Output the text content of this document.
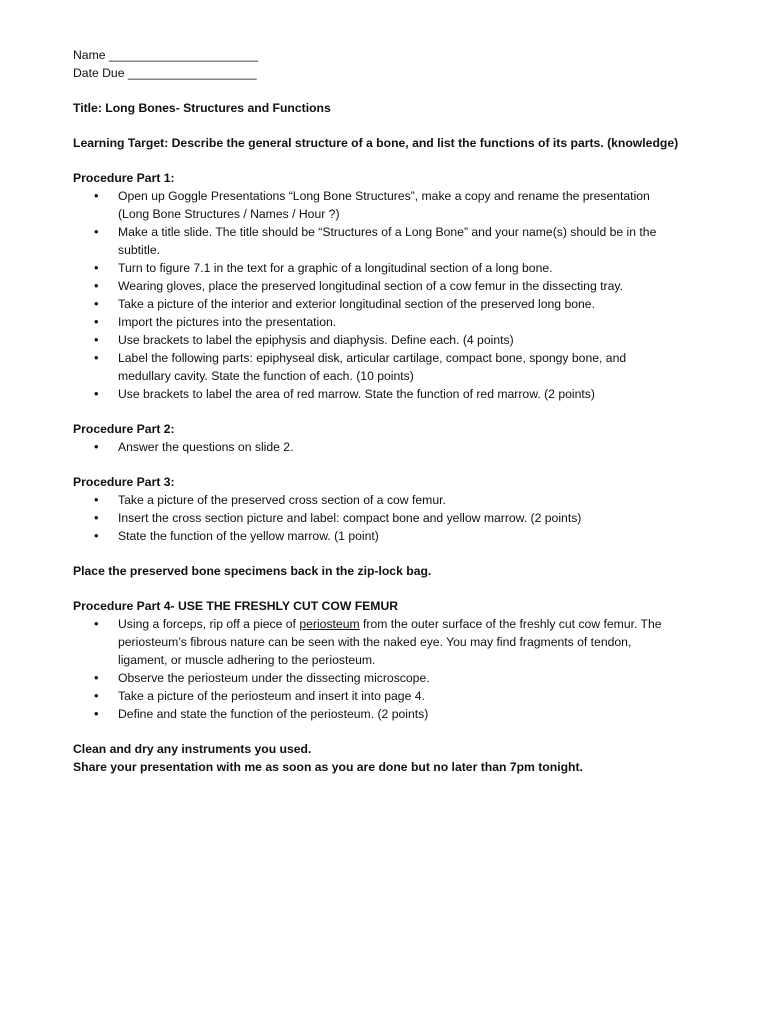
Name ______________________

Date Due ___________________

Title: Long Bones- Structures and Functions

Learning Target: Describe the general structure of a bone, and list the functions of its parts. (knowledge)

Procedure Part 1:

• Open up Goggle Presentations “Long Bone Structures”, make a copy and rename the presentation
(Long Bone Structures / Names / Hour ?)
• Make a title slide. The title should be “Structures of a Long Bone” and your name(s) should be in the
subtitle.
• Turn to figure 7.1 in the text for a graphic of a longitudinal section of a long bone.
• Wearing gloves, place the preserved longitudinal section of a cow femur in the dissecting tray.
• Take a picture of the interior and exterior longitudinal section of the preserved long bone.
• Import the pictures into the presentation.
• Use brackets to label the epiphysis and diaphysis. Define each. (4 points)
• Label the following parts: epiphyseal disk, articular cartilage, compact bone, spongy bone, and
medullary cavity. State the function of each. (10 points)
• Use brackets to label the area of red marrow. State the function of red marrow. (2 points)

Procedure Part 2:

• Answer the questions on slide 2.

Procedure Part 3:

• Take a picture of the preserved cross section of a cow femur.
• Insert the cross section picture and label: compact bone and yellow marrow. (2 points)
• State the function of the yellow marrow. (1 point)

Place the preserved bone specimens back in the zip-lock bag.

Procedure Part 4- USE THE FRESHLY CUT COW FEMUR

• Using a forceps, rip off a piece of periosteum from the outer surface of the freshly cut cow femur. The
periosteum’s fibrous nature can be seen with the naked eye. You may find fragments of tendon,
ligament, or muscle adhering to the periosteum.
• Observe the periosteum under the dissecting microscope.
• Take a picture of the periosteum and insert it into page 4.
• Define and state the function of the periosteum. (2 points)

Clean and dry any instruments you used.

Share your presentation with me as soon as you are done but no later than 7pm tonight.
